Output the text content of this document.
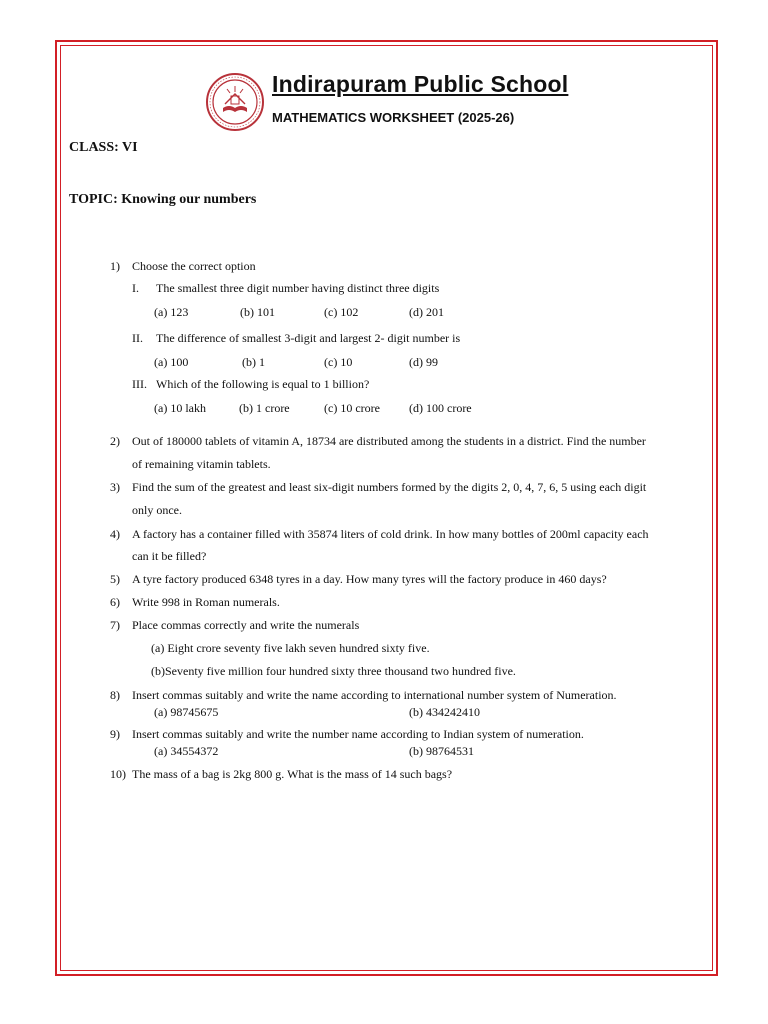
Indirapuram Public School
MATHEMATICS WORKSHEET (2025-26)
CLASS: VI
TOPIC: Knowing our numbers
1) Choose the correct option
I. The smallest three digit number having distinct three digits
(a) 123	(b) 101	(c) 102	(d) 201
II. The difference of smallest 3-digit and largest 2- digit number is
(a) 100	(b) 1	(c) 10	(d) 99
III. Which of the following is equal to 1 billion?
(a) 10 lakh	(b) 1 crore	(c) 10 crore (d) 100 crore
2) Out of 180000 tablets of vitamin A, 18734 are distributed among the students in a district. Find the number
of remaining vitamin tablets.
3) Find the sum of the greatest and least six-digit numbers formed by the digits 2, 0, 4, 7, 6, 5 using each digit
only once.
4) A factory has a container filled with 35874 liters of cold drink. In how many bottles of 200ml capacity each
can it be filled?
5) A tyre factory produced 6348 tyres in a day. How many tyres will the factory produce in 460 days?
6) Write 998 in Roman numerals.
7) Place commas correctly and write the numerals
(a) Eight crore seventy five lakh seven hundred sixty five.
(b)Seventy five million four hundred sixty three thousand two hundred five.
8) Insert commas suitably and write the name according to international number system of Numeration.
(a) 98745675	(b) 434242410
9) Insert commas suitably and write the number name according to Indian system of numeration.
(a) 34554372	(b) 98764531
10) The mass of a bag is 2kg 800 g. What is the mass of 14 such bags?
